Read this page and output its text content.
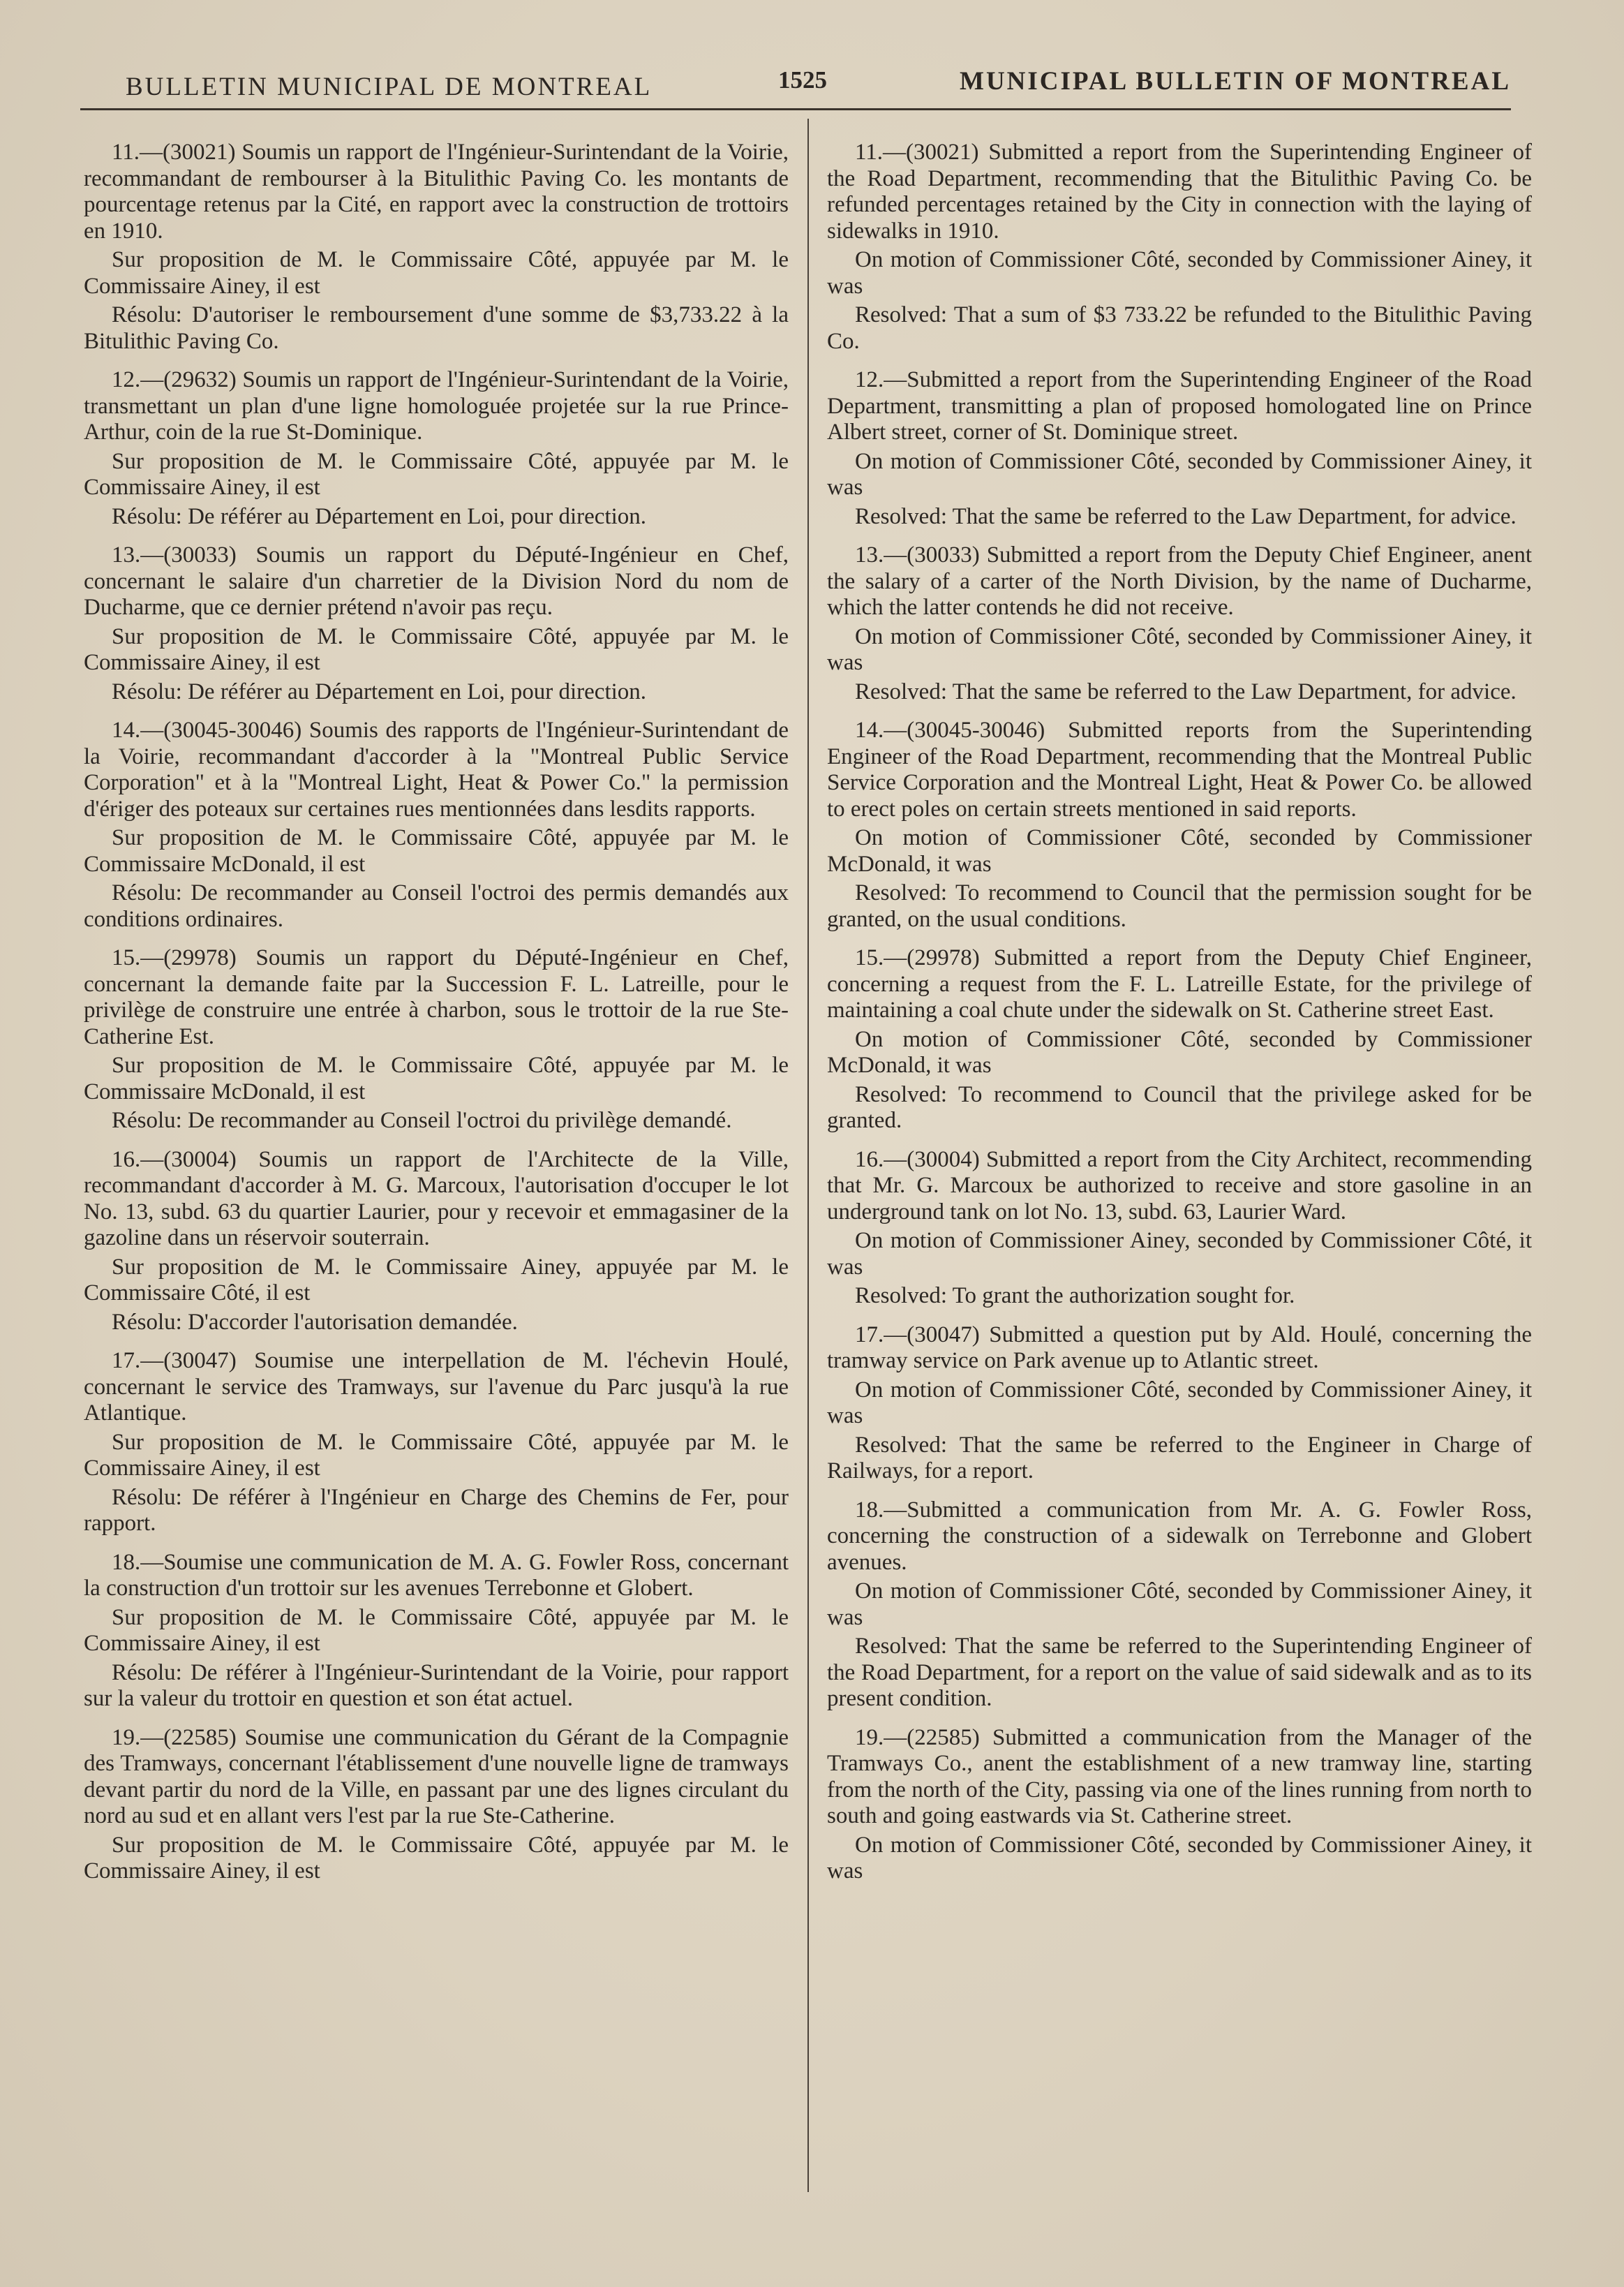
BULLETIN MUNICIPAL DE MONTREAL	1525	MUNICIPAL BULLETIN OF MONTREAL

11.—(30021) Soumis un rapport de l'Ingénieur-Surintendant de la Voirie, recommandant de rembourser à la Bitulithic Paving Co. les montants de pourcentage retenus par la Cité, en rapport avec la construction de trottoirs en 1910.

Sur proposition de M. le Commissaire Côté, appuyée par M. le Commissaire Ainey, il est

Résolu: D'autoriser le remboursement d'une somme de $3,733.22 à la Bitulithic Paving Co.

12.—(29632) Soumis un rapport de l'Ingénieur-Surintendant de la Voirie, transmettant un plan d'une ligne homologuée projetée sur la rue Prince-Arthur, coin de la rue St-Dominique.

Sur proposition de M. le Commissaire Côté, appuyée par M. le Commissaire Ainey, il est

Résolu: De référer au Département en Loi, pour direction.

13.—(30033) Soumis un rapport du Député-Ingénieur en Chef, concernant le salaire d'un charretier de la Division Nord du nom de Ducharme, que ce dernier prétend n'avoir pas reçu.

Sur proposition de M. le Commissaire Côté, appuyée par M. le Commissaire Ainey, il est

Résolu: De référer au Département en Loi, pour direction.

14.—(30045-30046) Soumis des rapports de l'Ingénieur-Surintendant de la Voirie, recommandant d'accorder à la "Montreal Public Service Corporation" et à la "Montreal Light, Heat & Power Co." la permission d'ériger des poteaux sur certaines rues mentionnées dans lesdits rapports.

Sur proposition de M. le Commissaire Côté, appuyée par M. le Commissaire McDonald, il est

Résolu: De recommander au Conseil l'octroi des permis demandés aux conditions ordinaires.

15.—(29978) Soumis un rapport du Député-Ingénieur en Chef, concernant la demande faite par la Succession F. L. Latreille, pour le privilège de construire une entrée à charbon, sous le trottoir de la rue Ste-Catherine Est.

Sur proposition de M. le Commissaire Côté, appuyée par M. le Commissaire McDonald, il est

Résolu: De recommander au Conseil l'octroi du privilège demandé.

16.—(30004) Soumis un rapport de l'Architecte de la Ville, recommandant d'accorder à M. G. Marcoux, l'autorisation d'occuper le lot No. 13, subd. 63 du quartier Laurier, pour y recevoir et emmagasiner de la gazoline dans un réservoir souterrain.

Sur proposition de M. le Commissaire Ainey, appuyée par M. le Commissaire Côté, il est

Résolu: D'accorder l'autorisation demandée.

17.—(30047) Soumise une interpellation de M. l'échevin Houlé, concernant le service des Tramways, sur l'avenue du Parc jusqu'à la rue Atlantique.

Sur proposition de M. le Commissaire Côté, appuyée par M. le Commissaire Ainey, il est

Résolu: De référer à l'Ingénieur en Charge des Chemins de Fer, pour rapport.

18.—Soumise une communication de M. A. G. Fowler Ross, concernant la construction d'un trottoir sur les avenues Terrebonne et Globert.

Sur proposition de M. le Commissaire Côté, appuyée par M. le Commissaire Ainey, il est

Résolu: De référer à l'Ingénieur-Surintendant de la Voirie, pour rapport sur la valeur du trottoir en question et son état actuel.

19.—(22585) Soumise une communication du Gérant de la Compagnie des Tramways, concernant l'établissement d'une nouvelle ligne de tramways devant partir du nord de la Ville, en passant par une des lignes circulant du nord au sud et en allant vers l'est par la rue Ste-Catherine.

Sur proposition de M. le Commissaire Côté, appuyée par M. le Commissaire Ainey, il est

11.—(30021) Submitted a report from the Superintending Engineer of the Road Department, recommending that the Bitulithic Paving Co. be refunded percentages retained by the City in connection with the laying of sidewalks in 1910.

On motion of Commissioner Côté, seconded by Commissioner Ainey, it was

Resolved: That a sum of $3 733.22 be refunded to the Bitulithic Paving Co.

12.—Submitted a report from the Superintending Engineer of the Road Department, transmitting a plan of proposed homologated line on Prince Albert street, corner of St. Dominique street.

On motion of Commissioner Côté, seconded by Commissioner Ainey, it was

Resolved: That the same be referred to the Law Department, for advice.

13.—(30033) Submitted a report from the Deputy Chief Engineer, anent the salary of a carter of the North Division, by the name of Ducharme, which the latter contends he did not receive.

On motion of Commissioner Côté, seconded by Commissioner Ainey, it was

Resolved: That the same be referred to the Law Department, for advice.

14.—(30045-30046) Submitted reports from the Superintending Engineer of the Road Department, recommending that the Montreal Public Service Corporation and the Montreal Light, Heat & Power Co. be allowed to erect poles on certain streets mentioned in said reports.

On motion of Commissioner Côté, seconded by Commissioner McDonald, it was

Resolved: To recommend to Council that the permission sought for be granted, on the usual conditions.

15.—(29978) Submitted a report from the Deputy Chief Engineer, concerning a request from the F. L. Latreille Estate, for the privilege of maintaining a coal chute under the sidewalk on St. Catherine street East.

On motion of Commissioner Côté, seconded by Commissioner McDonald, it was

Resolved: To recommend to Council that the privilege asked for be granted.

16.—(30004) Submitted a report from the City Architect, recommending that Mr. G. Marcoux be authorized to receive and store gasoline in an underground tank on lot No. 13, subd. 63, Laurier Ward.

On motion of Commissioner Ainey, seconded by Commissioner Côté, it was

Resolved: To grant the authorization sought for.

17.—(30047) Submitted a question put by Ald. Houlé, concerning the tramway service on Park avenue up to Atlantic street.

On motion of Commissioner Côté, seconded by Commissioner Ainey, it was

Resolved: That the same be referred to the Engineer in Charge of Railways, for a report.

18.—Submitted a communication from Mr. A. G. Fowler Ross, concerning the construction of a sidewalk on Terrebonne and Globert avenues.

On motion of Commissioner Côté, seconded by Commissioner Ainey, it was

Resolved: That the same be referred to the Superintending Engineer of the Road Department, for a report on the value of said sidewalk and as to its present condition.

19.—(22585) Submitted a communication from the Manager of the Tramways Co., anent the establishment of a new tramway line, starting from the north of the City, passing via one of the lines running from north to south and going eastwards via St. Catherine street.

On motion of Commissioner Côté, seconded by Commissioner Ainey, it was
